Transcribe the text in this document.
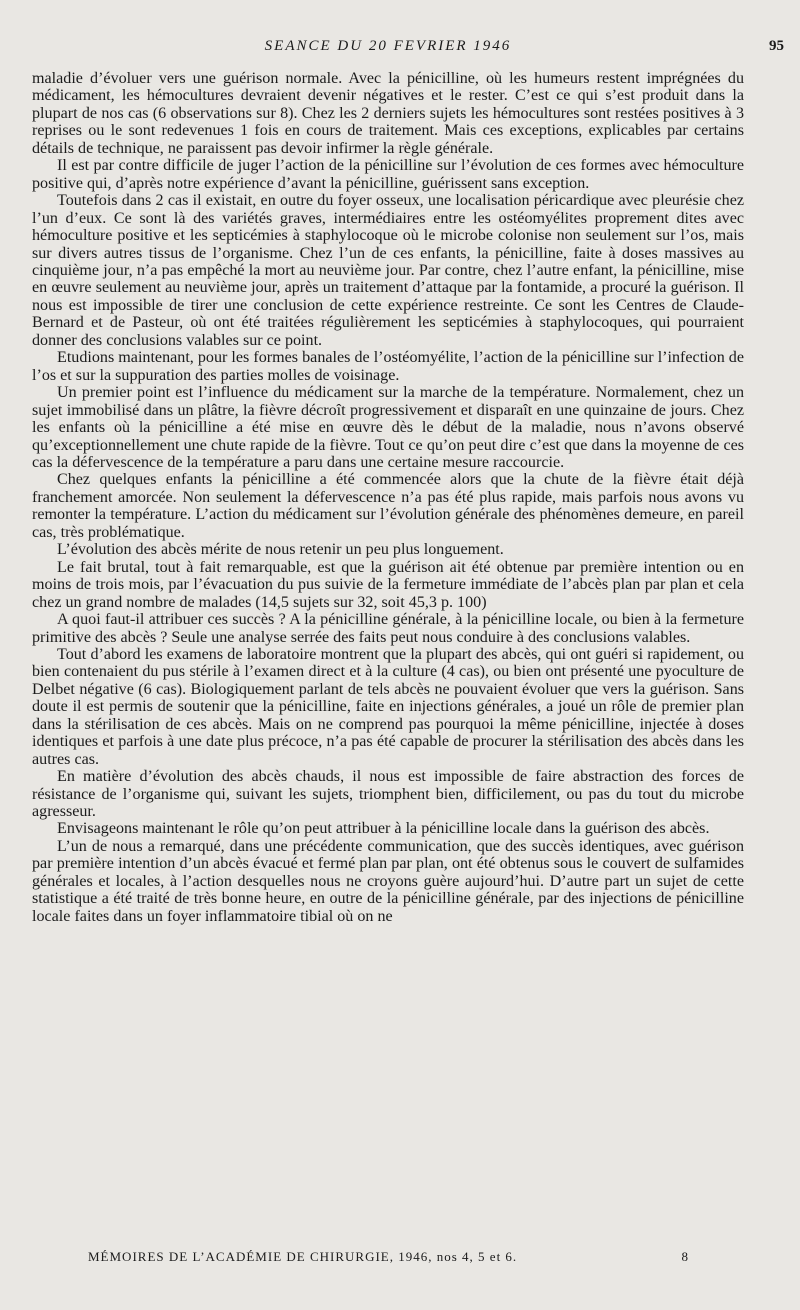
SEANCE DU 20 FEVRIER 1946	95

maladie d’évoluer vers une guérison normale. Avec la pénicilline, où les humeurs restent imprégnées du médicament, les hémocultures devraient devenir négatives et le rester. C’est ce qui s’est produit dans la plupart de nos cas (6 observations sur 8). Chez les 2 derniers sujets les hémocultures sont restées positives à 3 reprises ou le sont redevenues 1 fois en cours de traitement. Mais ces exceptions, explicables par certains détails de technique, ne paraissent pas devoir infirmer la règle générale.

Il est par contre difficile de juger l’action de la pénicilline sur l’évolution de ces formes avec hémoculture positive qui, d’après notre expérience d’avant la pénicilline, guérissent sans exception.

Toutefois dans 2 cas il existait, en outre du foyer osseux, une localisation péricardique avec pleurésie chez l’un d’eux. Ce sont là des variétés graves, intermédiaires entre les ostéomyélites proprement dites avec hémoculture positive et les septicémies à staphylocoque où le microbe colonise non seulement sur l’os, mais sur divers autres tissus de l’organisme. Chez l’un de ces enfants, la pénicilline, faite à doses massives au cinquième jour, n’a pas empêché la mort au neuvième jour. Par contre, chez l’autre enfant, la pénicilline, mise en œuvre seulement au neuvième jour, après un traitement d’attaque par la fontamide, a procuré la guérison. Il nous est impossible de tirer une conclusion de cette expérience restreinte. Ce sont les Centres de Claude-Bernard et de Pasteur, où ont été traitées régulièrement les septicémies à staphylocoques, qui pourraient donner des conclusions valables sur ce point.

Etudions maintenant, pour les formes banales de l’ostéomyélite, l’action de la pénicilline sur l’infection de l’os et sur la suppuration des parties molles de voisinage.

Un premier point est l’influence du médicament sur la marche de la température. Normalement, chez un sujet immobilisé dans un plâtre, la fièvre décroît progressivement et disparaît en une quinzaine de jours. Chez les enfants où la pénicilline a été mise en œuvre dès le début de la maladie, nous n’avons observé qu’exceptionnellement une chute rapide de la fièvre. Tout ce qu’on peut dire c’est que dans la moyenne de ces cas la défervescence de la température a paru dans une certaine mesure raccourcie.

Chez quelques enfants la pénicilline a été commencée alors que la chute de la fièvre était déjà franchement amorcée. Non seulement la défervescence n’a pas été plus rapide, mais parfois nous avons vu remonter la température. L’action du médicament sur l’évolution générale des phénomènes demeure, en pareil cas, très problématique.

L’évolution des abcès mérite de nous retenir un peu plus longuement.

Le fait brutal, tout à fait remarquable, est que la guérison ait été obtenue par première intention ou en moins de trois mois, par l’évacuation du pus suivie de la fermeture immédiate de l’abcès plan par plan et cela chez un grand nombre de malades (14,5 sujets sur 32, soit 45,3 p. 100)

A quoi faut-il attribuer ces succès ? A la pénicilline générale, à la pénicilline locale, ou bien à la fermeture primitive des abcès ? Seule une analyse serrée des faits peut nous conduire à des conclusions valables.

Tout d’abord les examens de laboratoire montrent que la plupart des abcès, qui ont guéri si rapidement, ou bien contenaient du pus stérile à l’examen direct et à la culture (4 cas), ou bien ont présenté une pyoculture de Delbet négative (6 cas). Biologiquement parlant de tels abcès ne pouvaient évoluer que vers la guérison. Sans doute il est permis de soutenir que la pénicilline, faite en injections générales, a joué un rôle de premier plan dans la stérilisation de ces abcès. Mais on ne comprend pas pourquoi la même pénicilline, injectée à doses identiques et parfois à une date plus précoce, n’a pas été capable de procurer la stérilisation des abcès dans les autres cas.

En matière d’évolution des abcès chauds, il nous est impossible de faire abstraction des forces de résistance de l’organisme qui, suivant les sujets, triomphent bien, difficilement, ou pas du tout du microbe agresseur.

Envisageons maintenant le rôle qu’on peut attribuer à la pénicilline locale dans la guérison des abcès.

L’un de nous a remarqué, dans une précédente communication, que des succès identiques, avec guérison par première intention d’un abcès évacué et fermé plan par plan, ont été obtenus sous le couvert de sulfamides générales et locales, à l’action desquelles nous ne croyons guère aujourd’hui. D’autre part un sujet de cette statistique a été traité de très bonne heure, en outre de la pénicilline générale, par des injections de pénicilline locale faites dans un foyer inflammatoire tibial où on ne

MÉMOIRES DE L’ACADÉMIE DE CHIRURGIE, 1946, nos 4, 5 et 6.	8
